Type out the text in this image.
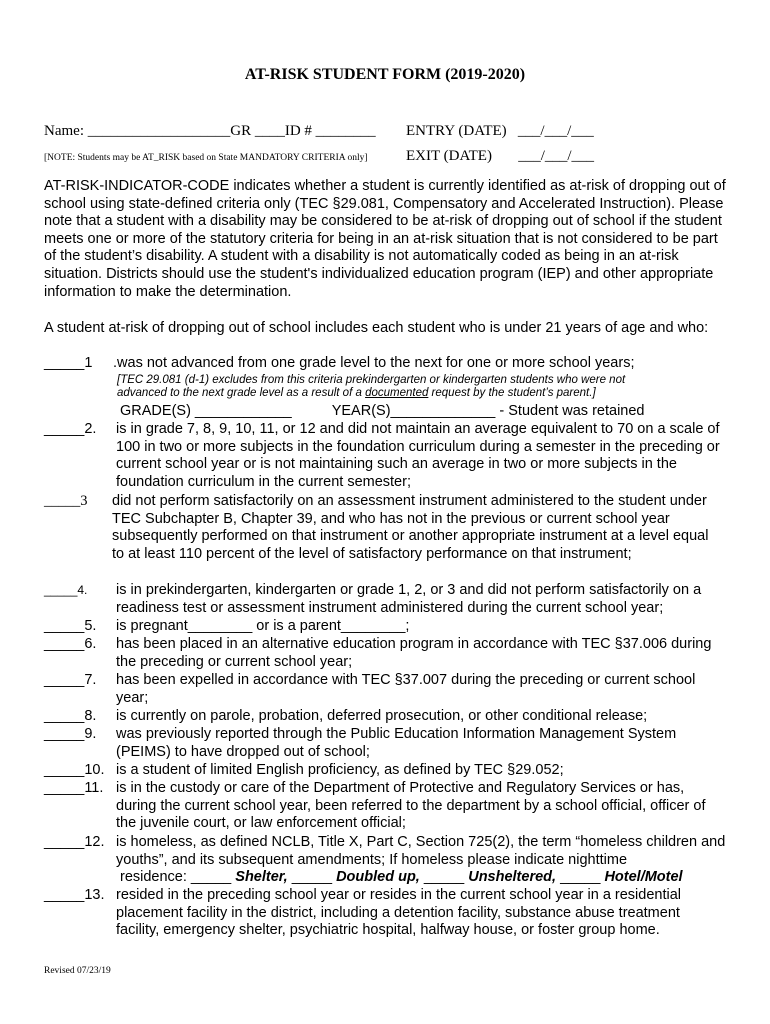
AT-RISK STUDENT FORM (2019-2020)
Name: ___________________GR ____ID # ________ ENTRY (DATE)   ___/___/___
[NOTE: Students may be AT_RISK based on State MANDATORY CRITERIA only]	EXIT (DATE)       ___/___/___
AT-RISK-INDICATOR-CODE indicates whether a student is currently identified as at-risk of dropping out of school using state-defined criteria only (TEC §29.081, Compensatory and Accelerated Instruction). Please note that a student with a disability may be considered to be at-risk of dropping out of school if the student meets one or more of the statutory criteria for being in an at-risk situation that is not considered to be part of the student’s disability. A student with a disability is not automatically coded as being in an at-risk situation. Districts should use the student's individualized education program (IEP) and other appropriate information to make the determination.
A student at-risk of dropping out of school includes each student who is under 21 years of age and who:
_____1 .was not advanced from one grade level to the next for one or more school years;
[TEC 29.081 (d-1) excludes from this criteria prekindergarten or kindergarten students who were not
advanced to the next grade level as a result of a documented request by the student’s parent.]
GRADE(S) ____________          YEAR(S)_____________ - Student was retained
_____2. is in grade 7, 8, 9, 10, 11, or 12 and did not maintain an average equivalent to 70 on a scale of 100 in two or more subjects in the foundation curriculum during a semester in the preceding or current school year or is not maintaining such an average in two or more subjects in the foundation curriculum in the current semester;
_____3 did not perform satisfactorily on an assessment instrument administered to the student under TEC Subchapter B, Chapter 39, and who has not in the previous or current school year subsequently performed on that instrument or another appropriate instrument at a level equal to at least 110 percent of the level of satisfactory performance on that instrument;
_____4. is in prekindergarten, kindergarten or grade 1, 2, or 3 and did not perform satisfactorily on a readiness test or assessment instrument administered during the current school year;
_____5. is pregnant________ or is a parent________;
_____6. has been placed in an alternative education program in accordance with TEC §37.006 during the preceding or current school year;
_____7. has been expelled in accordance with TEC §37.007 during the preceding or current school year;
_____8. is currently on parole, probation, deferred prosecution, or other conditional release;
_____9. was previously reported through the Public Education Information Management System (PEIMS) to have dropped out of school;
_____10. is a student of limited English proficiency, as defined by TEC §29.052;
_____11. is in the custody or care of the Department of Protective and Regulatory Services or has, during the current school year, been referred to the department by a school official, officer of the juvenile court, or law enforcement official;
_____12. is homeless, as defined NCLB, Title X, Part C, Section 725(2), the term “homeless children and youths”, and its subsequent amendments; If homeless please indicate nighttime
residence: _____ Shelter, _____ Doubled up, _____ Unsheltered, _____ Hotel/Motel
_____13. resided in the preceding school year or resides in the current school year in a residential placement facility in the district, including a detention facility, substance abuse treatment facility, emergency shelter, psychiatric hospital, halfway house, or foster group home.
Revised 07/23/19
